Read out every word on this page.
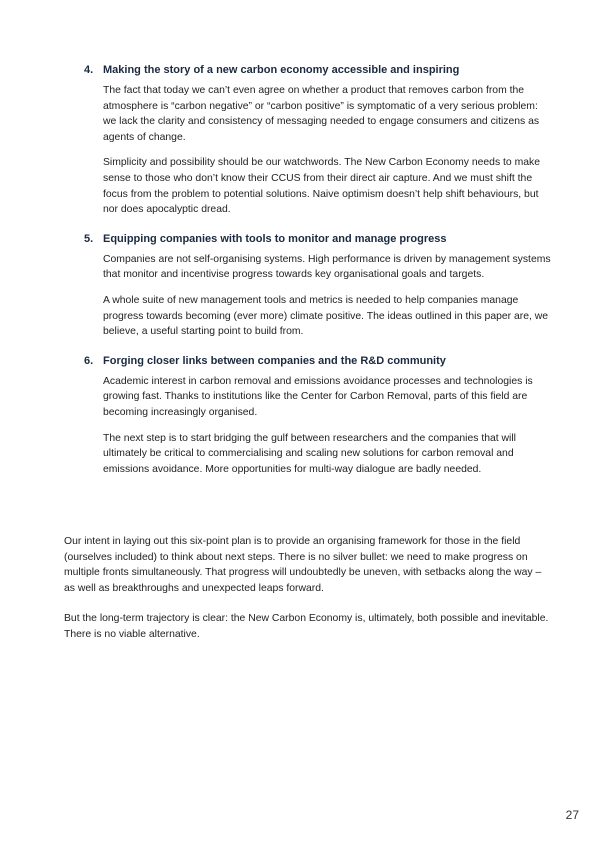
4. Making the story of a new carbon economy accessible and inspiring

The fact that today we can’t even agree on whether a product that removes carbon from the atmosphere is “carbon negative” or “carbon positive” is symptomatic of a very serious problem: we lack the clarity and consistency of messaging needed to engage consumers and citizens as agents of change.

Simplicity and possibility should be our watchwords. The New Carbon Economy needs to make sense to those who don’t know their CCUS from their direct air capture. And we must shift the focus from the problem to potential solutions. Naive optimism doesn’t help shift behaviours, but nor does apocalyptic dread.

5. Equipping companies with tools to monitor and manage progress

Companies are not self-organising systems. High performance is driven by management systems that monitor and incentivise progress towards key organisational goals and targets.

A whole suite of new management tools and metrics is needed to help companies manage progress towards becoming (ever more) climate positive. The ideas outlined in this paper are, we believe, a useful starting point to build from.

6. Forging closer links between companies and the R&D community

Academic interest in carbon removal and emissions avoidance processes and technologies is growing fast. Thanks to institutions like the Center for Carbon Removal, parts of this field are becoming increasingly organised.

The next step is to start bridging the gulf between researchers and the companies that will ultimately be critical to commercialising and scaling new solutions for carbon removal and emissions avoidance. More opportunities for multi-way dialogue are badly needed.

Our intent in laying out this six-point plan is to provide an organising framework for those in the field (ourselves included) to think about next steps. There is no silver bullet: we need to make progress on multiple fronts simultaneously. That progress will undoubtedly be uneven, with setbacks along the way – as well as breakthroughs and unexpected leaps forward.

But the long-term trajectory is clear: the New Carbon Economy is, ultimately, both possible and inevitable. There is no viable alternative.

27
